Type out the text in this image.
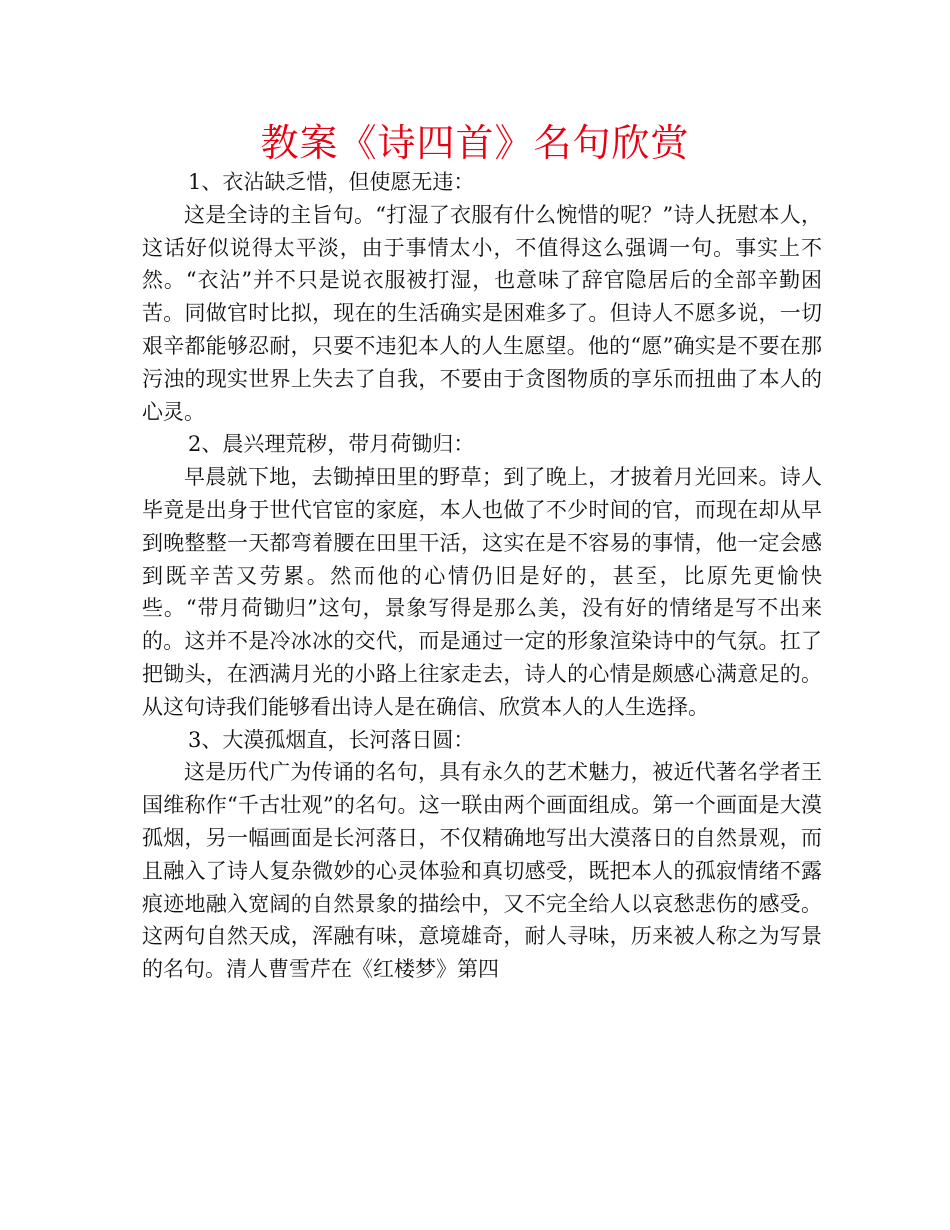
教案《诗四首》名句欣赏
1、衣沾缺乏惜，但使愿无违：

这是全诗的主旨句。“打湿了衣服有什么惋惜的呢？”诗人抚慰本人，这话好似说得太平淡，由于事情太小，不值得这么强调一句。事实上不然。“衣沾”并不只是说衣服被打湿，也意味了辞官隐居后的全部辛勤困苦。同做官时比拟，现在的生活确实是困难多了。但诗人不愿多说，一切艰辛都能够忍耐，只要不违犯本人的人生愿望。他的“愿”确实是不要在那污浊的现实世界上失去了自我，不要由于贪图物质的享乐而扭曲了本人的心灵。

2、晨兴理荒秽，带月荷锄归：

早晨就下地，去锄掉田里的野草；到了晚上，才披着月光回来。诗人毕竟是出身于世代官宦的家庭，本人也做了不少时间的官，而现在却从早到晚整整一天都弯着腰在田里干活，这实在是不容易的事情，他一定会感到既辛苦又劳累。然而他的心情仍旧是好的，甚至，比原先更愉快些。“带月荷锄归”这句，景象写得是那么美，没有好的情绪是写不出来的。这并不是冷冰冰的交代，而是通过一定的形象渲染诗中的气氛。扛了把锄头，在洒满月光的小路上往家走去，诗人的心情是颇感心满意足的。从这句诗我们能够看出诗人是在确信、欣赏本人的人生选择。

3、大漠孤烟直，长河落日圆：

这是历代广为传诵的名句，具有永久的艺术魅力，被近代著名学者王国维称作“千古壮观”的名句。这一联由两个画面组成。第一个画面是大漠孤烟，另一幅画面是长河落日，不仅精确地写出大漠落日的自然景观，而且融入了诗人复杂微妙的心灵体验和真切感受，既把本人的孤寂情绪不露痕迹地融入宽阔的自然景象的描绘中，又不完全给人以哀愁悲伤的感受。这两句自然天成，浑融有味，意境雄奇，耐人寻味，历来被人称之为写景的名句。清人曹雪芹在《红楼梦》第四
